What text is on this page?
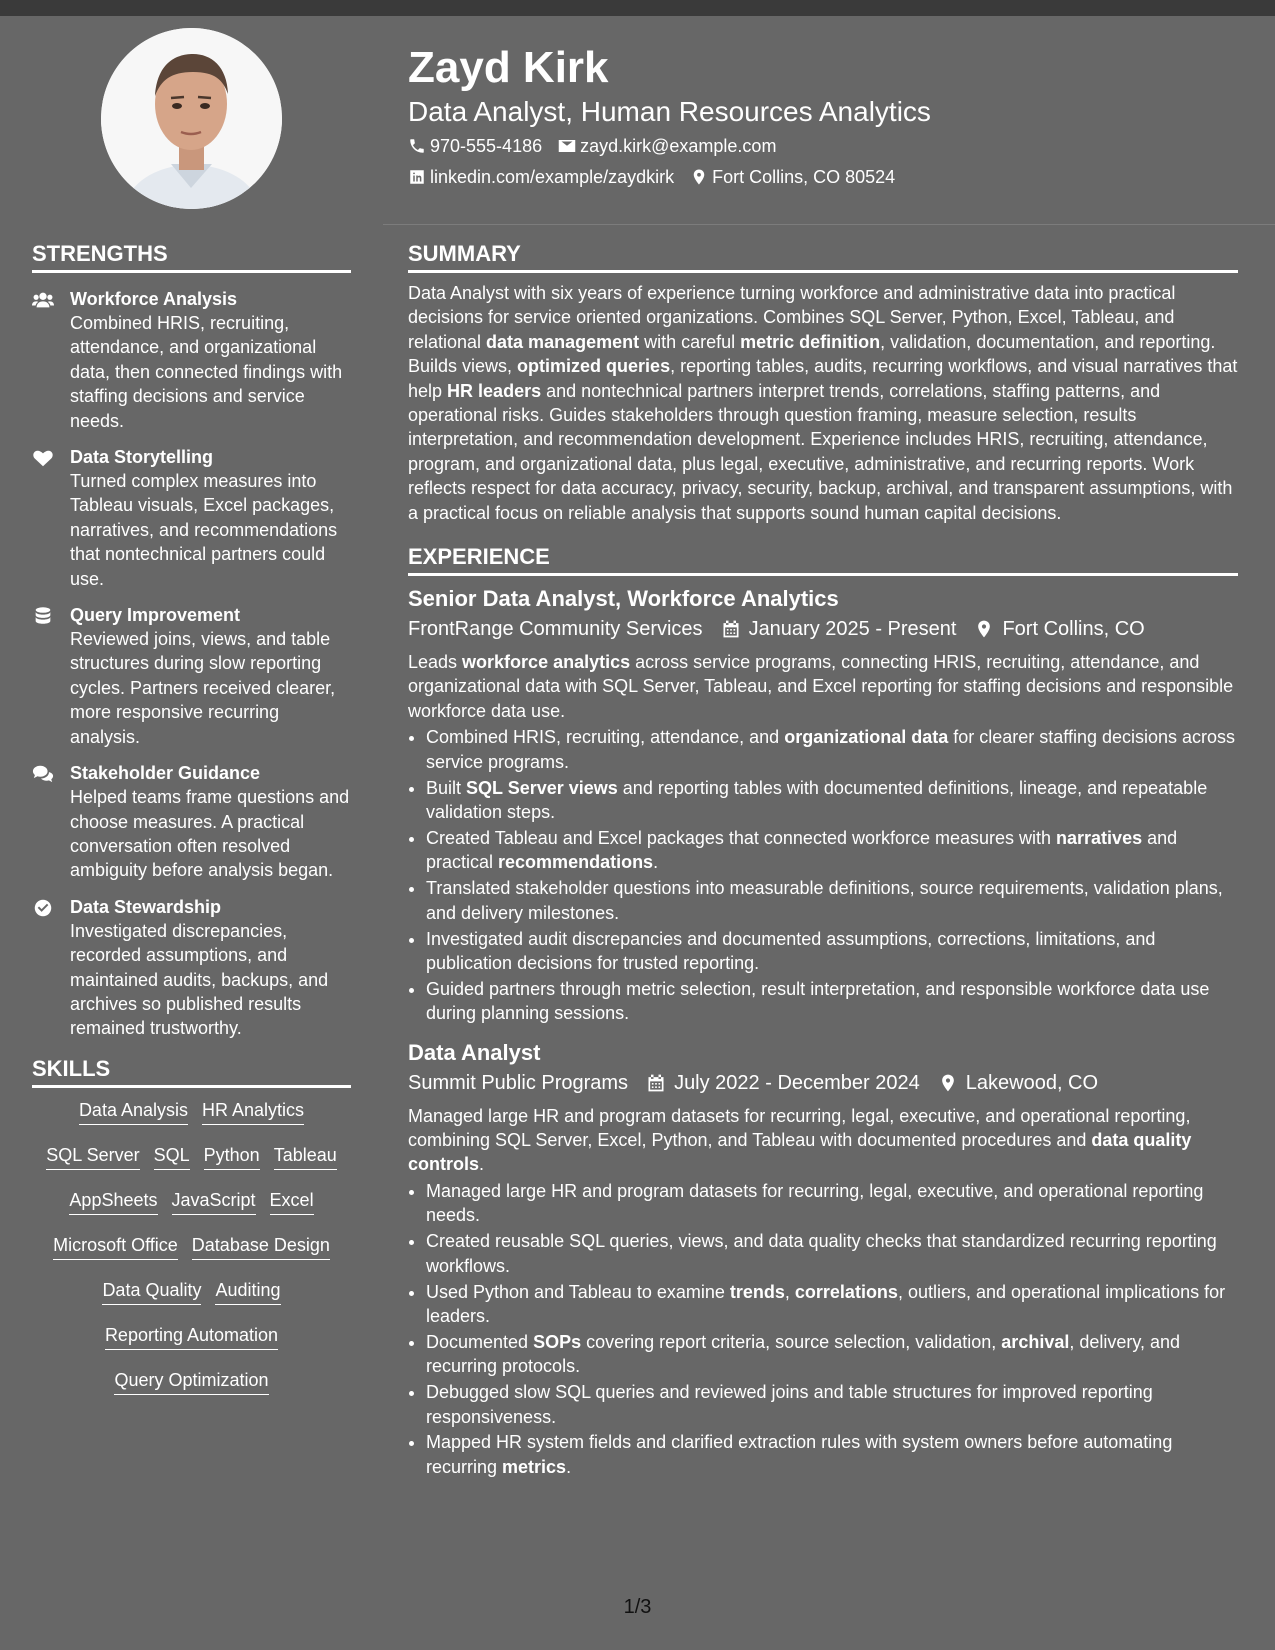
Zayd Kirk
Data Analyst, Human Resources Analytics
970-555-4186 zayd.kirk@example.com
linkedin.com/example/zaydkirk Fort Collins, CO 80524
STRENGTHS
Workforce Analysis
Combined HRIS, recruiting, attendance, and organizational data, then connected findings with staffing decisions and service needs.
Data Storytelling
Turned complex measures into Tableau visuals, Excel packages, narratives, and recommendations that nontechnical partners could use.
Query Improvement
Reviewed joins, views, and table structures during slow reporting cycles. Partners received clearer, more responsive recurring analysis.
Stakeholder Guidance
Helped teams frame questions and choose measures. A practical conversation often resolved ambiguity before analysis began.
Data Stewardship
Investigated discrepancies, recorded assumptions, and maintained audits, backups, and archives so published results remained trustworthy.
SKILLS
Data Analysis HR Analytics
SQL Server SQL Python Tableau
AppSheets JavaScript Excel
Microsoft Office Database Design
Data Quality Auditing
Reporting Automation
Query Optimization
SUMMARY

Data Analyst with six years of experience turning workforce and administrative data into practical decisions for service oriented organizations. Combines SQL Server, Python, Excel, Tableau, and relational data management with careful metric definition, validation, documentation, and reporting. Builds views, optimized queries, reporting tables, audits, recurring workflows, and visual narratives that help HR leaders and nontechnical partners interpret trends, correlations, staffing patterns, and operational risks. Guides stakeholders through question framing, measure selection, results interpretation, and recommendation development. Experience includes HRIS, recruiting, attendance, program, and organizational data, plus legal, executive, administrative, and recurring reports. Work reflects respect for data accuracy, privacy, security, backup, archival, and transparent assumptions, with a practical focus on reliable analysis that supports sound human capital decisions.

EXPERIENCE
Senior Data Analyst, Workforce Analytics
FrontRange Community Services January 2025 - Present Fort Collins, CO

Leads workforce analytics across service programs, connecting HRIS, recruiting, attendance, and organizational data with SQL Server, Tableau, and Excel reporting for staffing decisions and responsible workforce data use.

• Combined HRIS, recruiting, attendance, and organizational data for clearer staffing decisions across service programs.
• Built SQL Server views and reporting tables with documented definitions, lineage, and repeatable validation steps.
• Created Tableau and Excel packages that connected workforce measures with narratives and practical recommendations.
• Translated stakeholder questions into measurable definitions, source requirements, validation plans, and delivery milestones.
• Investigated audit discrepancies and documented assumptions, corrections, limitations, and publication decisions for trusted reporting.
• Guided partners through metric selection, result interpretation, and responsible workforce data use during planning sessions.
Data Analyst
Summit Public Programs July 2022 - December 2024 Lakewood, CO

Managed large HR and program datasets for recurring, legal, executive, and operational reporting, combining SQL Server, Excel, Python, and Tableau with documented procedures and data quality controls.

• Managed large HR and program datasets for recurring, legal, executive, and operational reporting needs.
• Created reusable SQL queries, views, and data quality checks that standardized recurring reporting workflows.
• Used Python and Tableau to examine trends, correlations, outliers, and operational implications for leaders.
• Documented SOPs covering report criteria, source selection, validation, archival, delivery, and recurring protocols.
• Debugged slow SQL queries and reviewed joins and table structures for improved reporting responsiveness.
• Mapped HR system fields and clarified extraction rules with system owners before automating recurring metrics.
1/3
